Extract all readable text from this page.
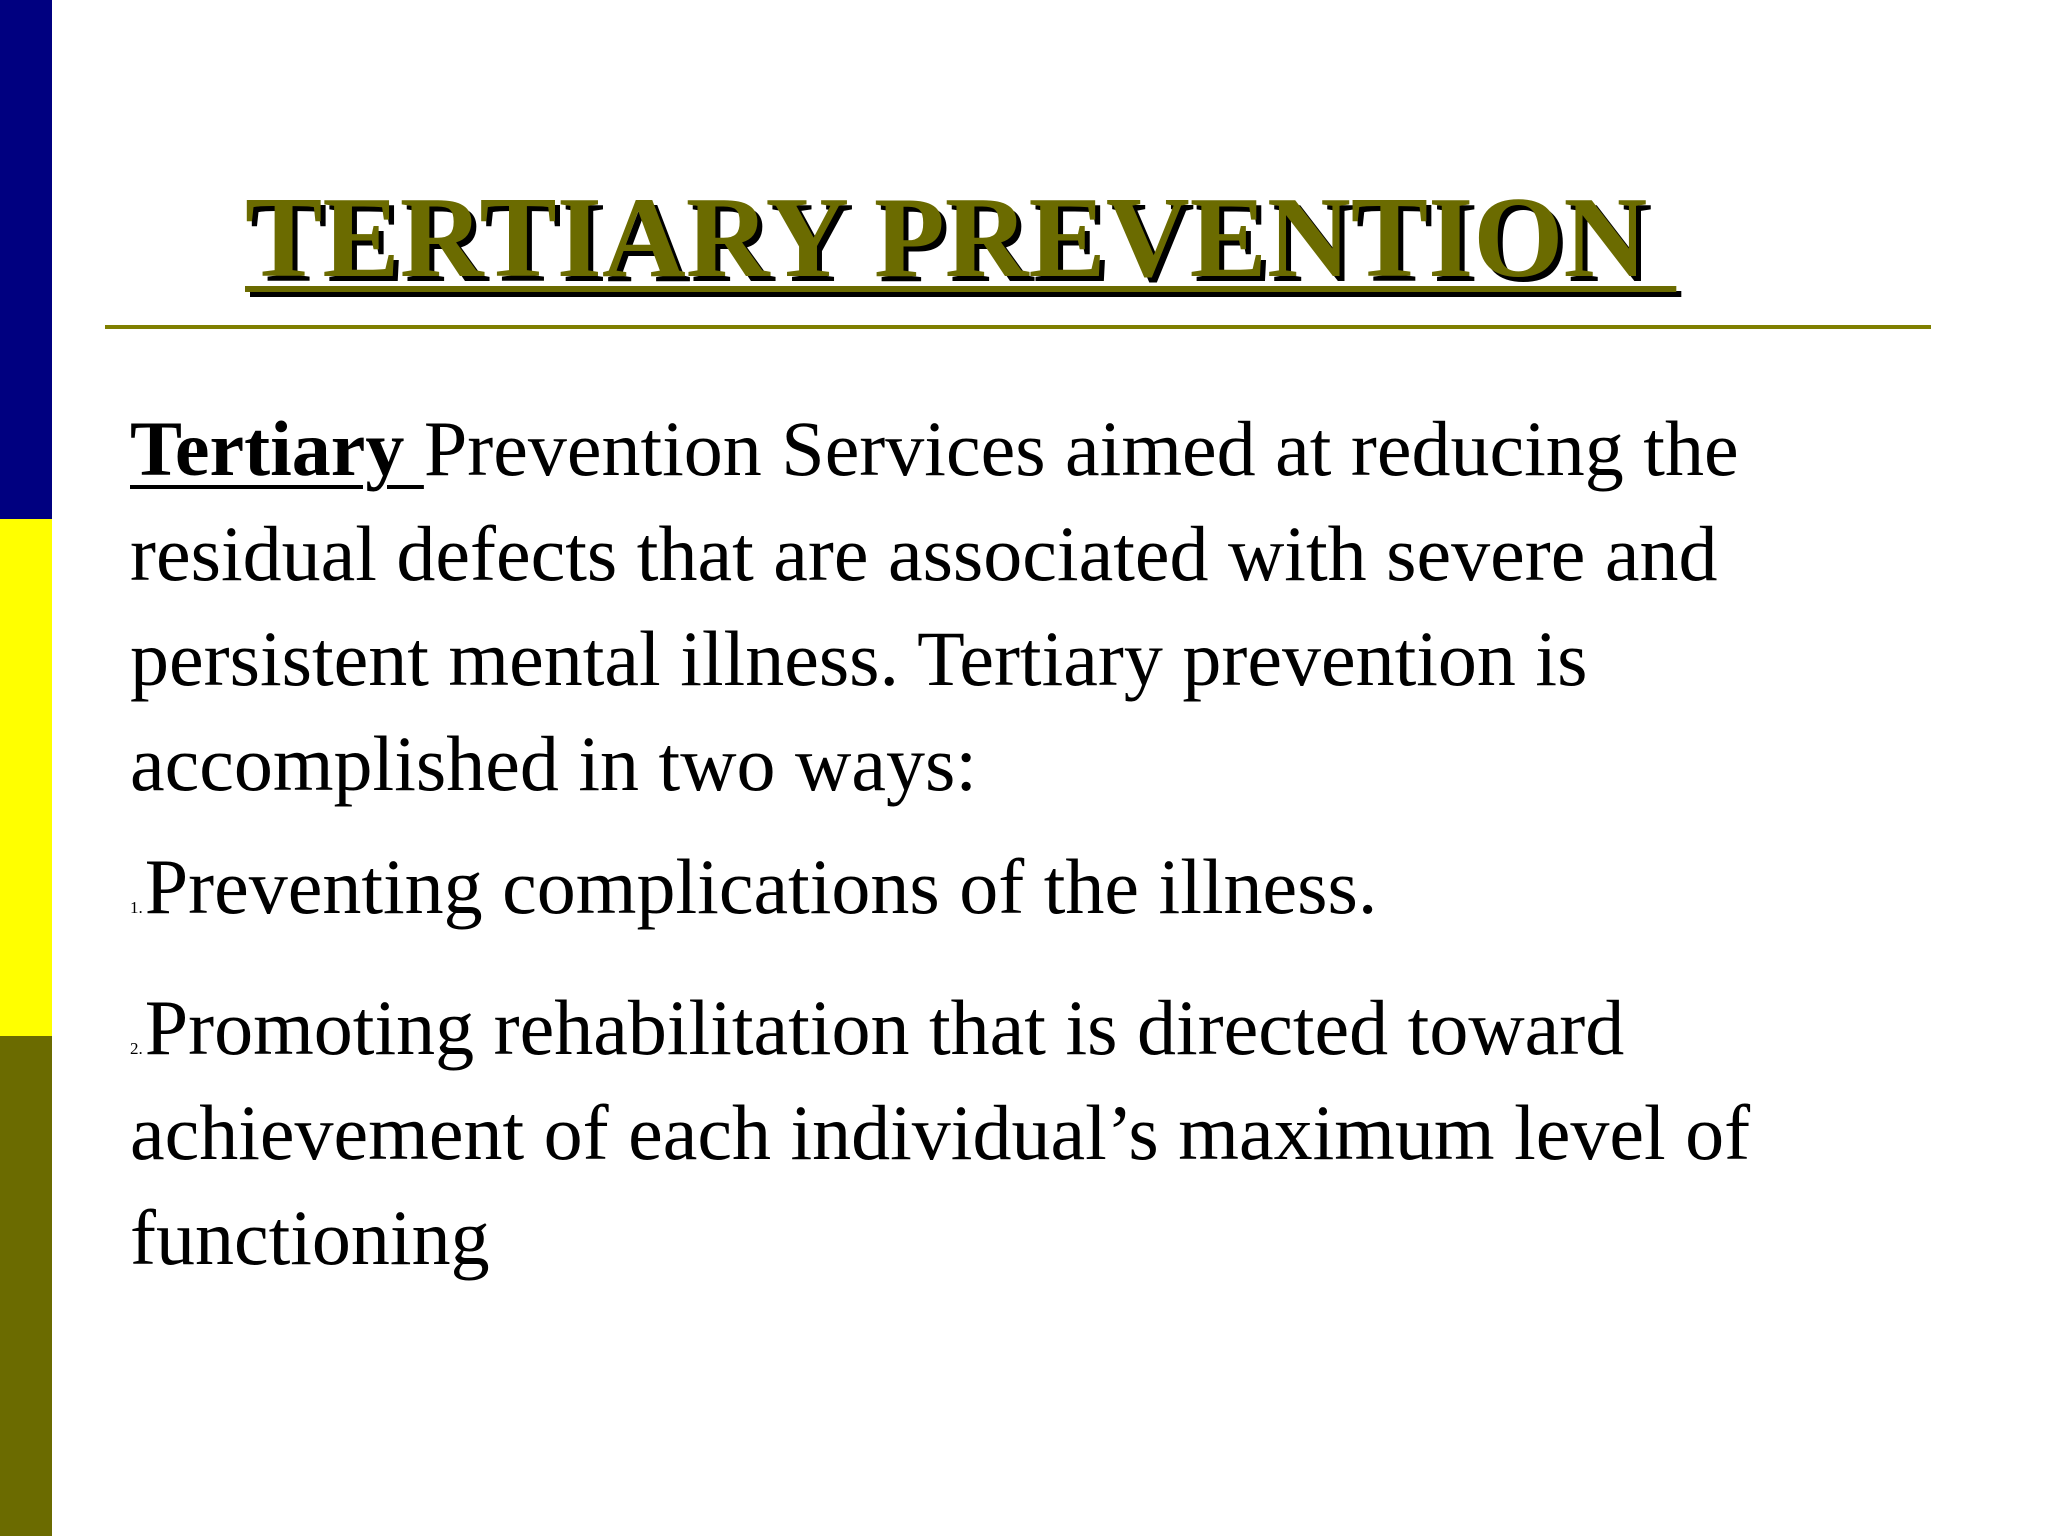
TERTIARY PREVENTION

Tertiary Prevention Services aimed at reducing the residual defects that are associated with severe and persistent mental illness. Tertiary prevention is accomplished in two ways:

1.Preventing complications of the illness.

2.Promoting rehabilitation that is directed toward achievement of each individual’s maximum level of functioning
